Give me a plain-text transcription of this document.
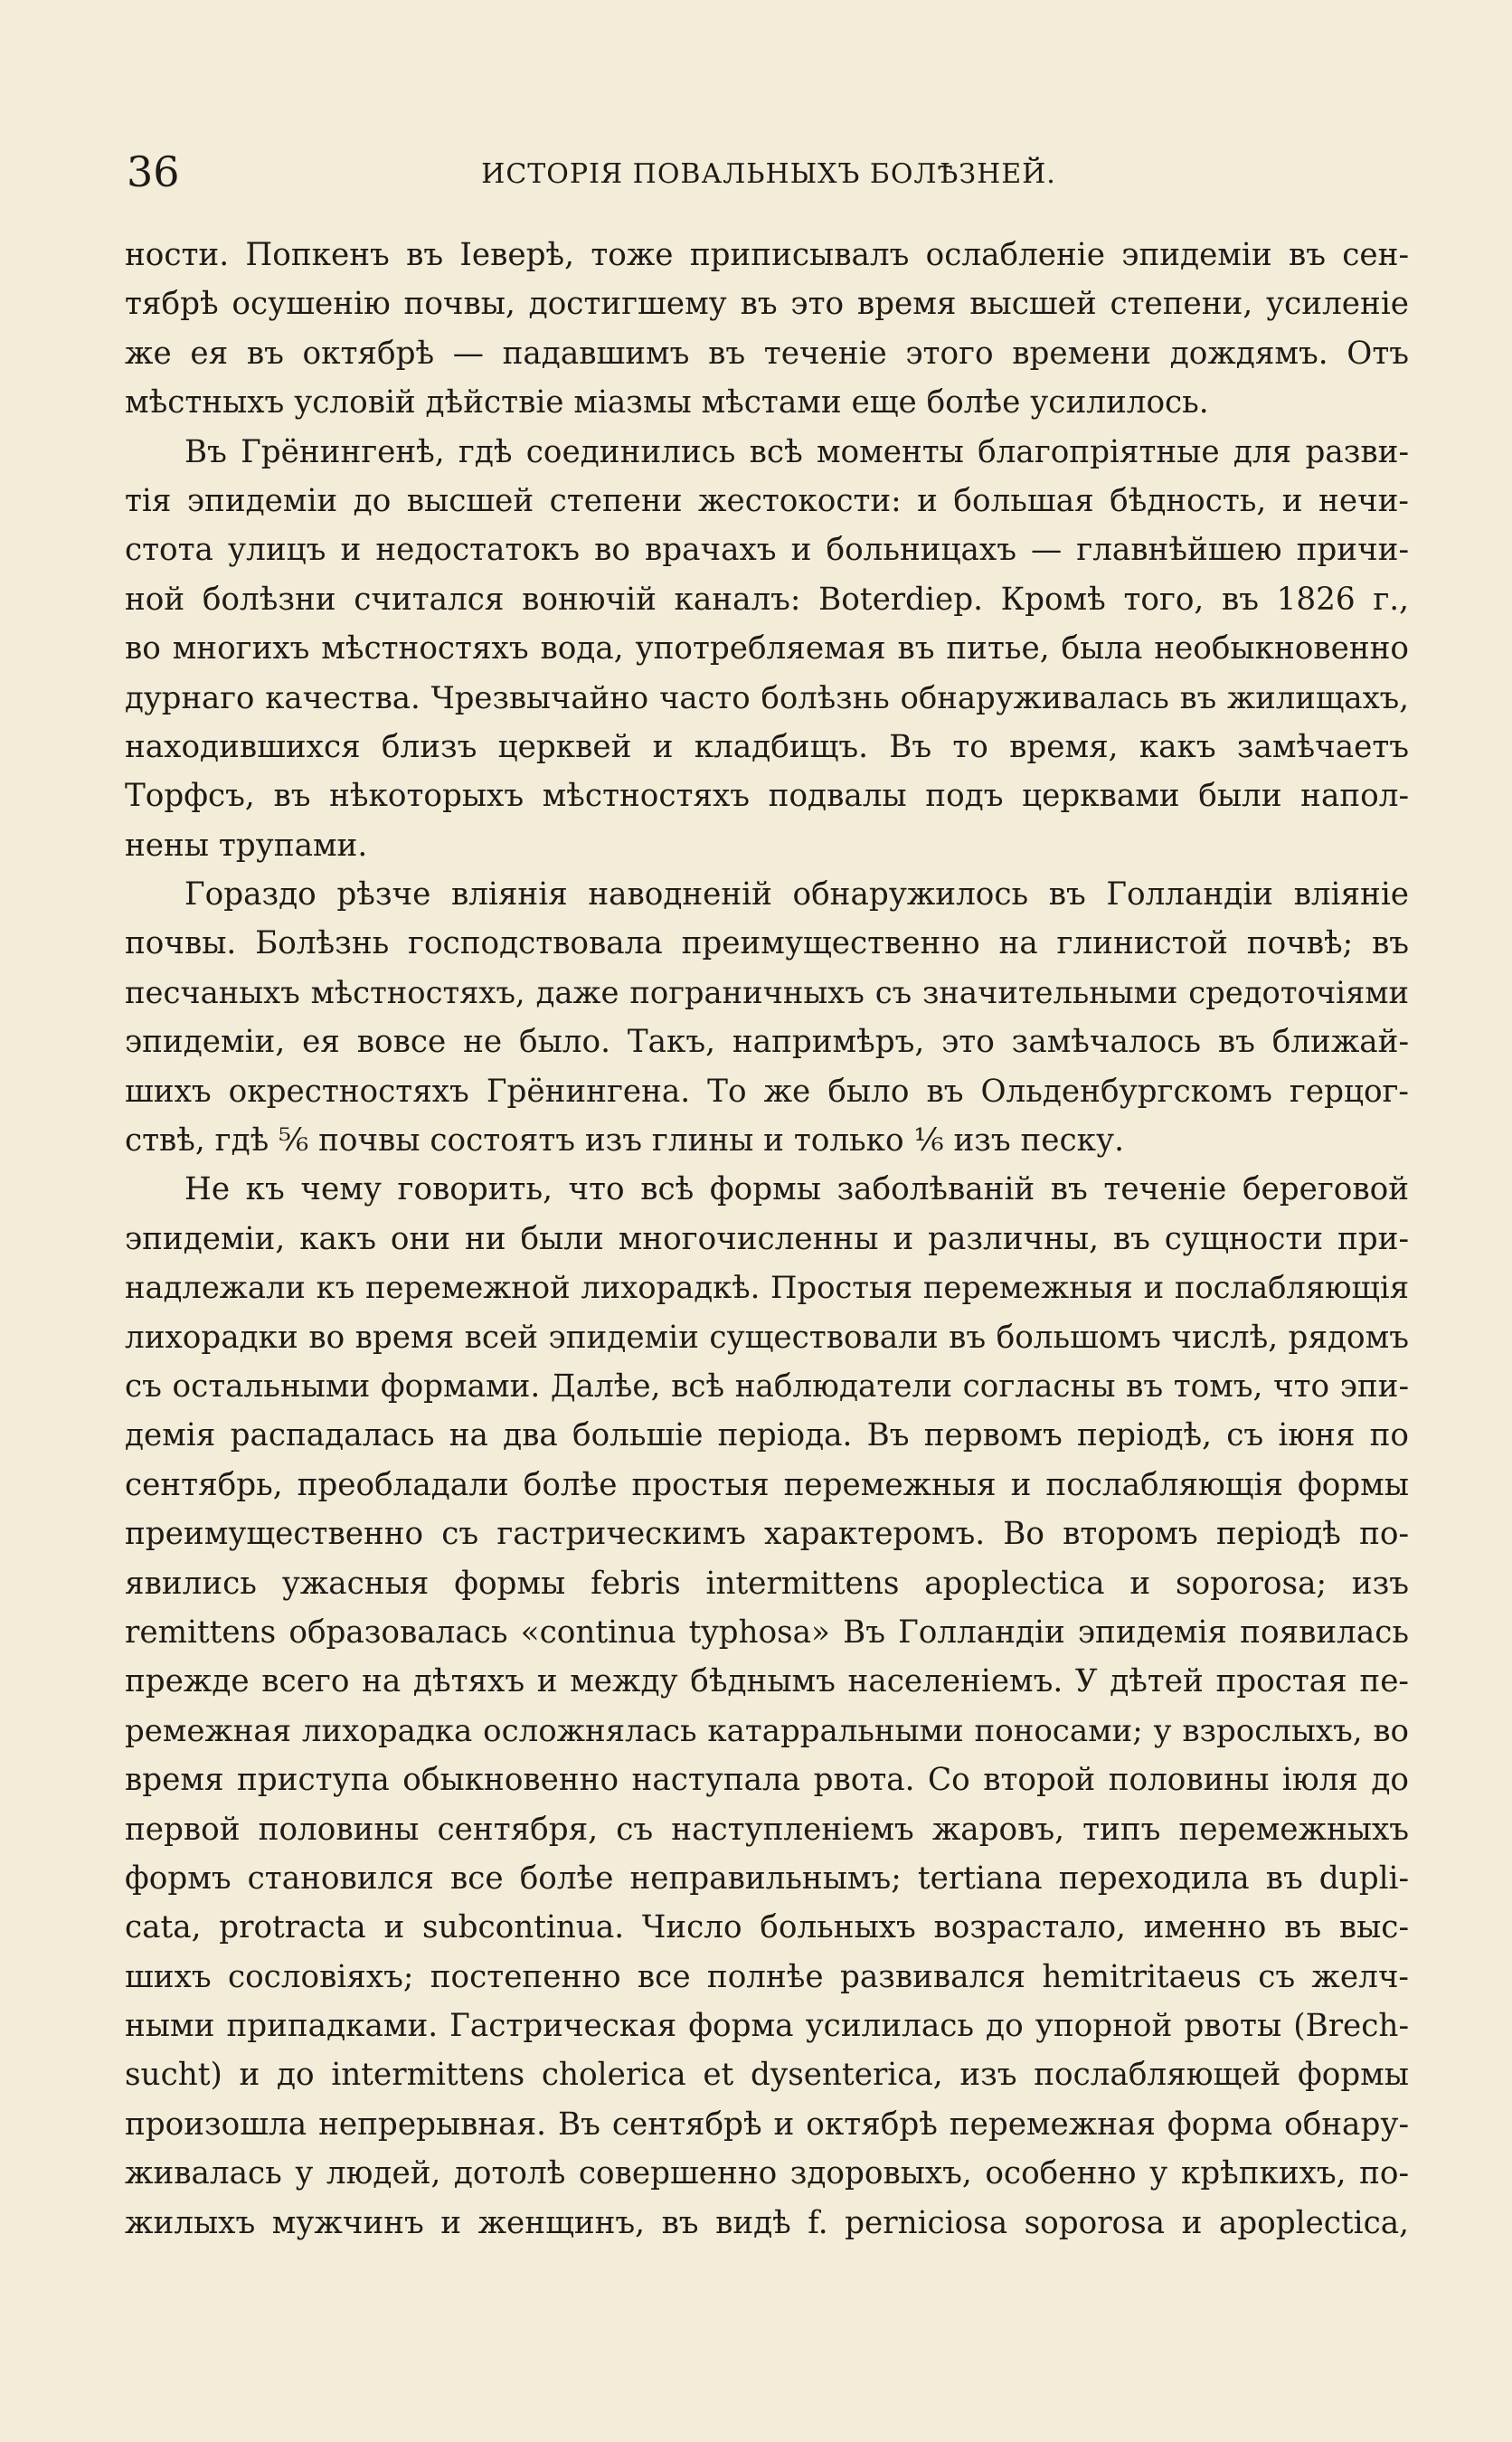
36	ИСТОРІЯ ПОВАЛЬНЫХЪ БОЛѢЗНЕЙ.
ности. Попкенъ въ Іеверѣ, тоже приписывалъ ослабленіе эпидеміи въ сен-
тябрѣ осушенію почвы, достигшему въ это время высшей степени, усиленіе
же ея въ октябрѣ — падавшимъ въ теченіе этого времени дождямъ. Отъ
мѣстныхъ условій дѣйствіе міазмы мѣстами еще болѣе усилилось.
Въ Грёнингенѣ, гдѣ соединились всѣ моменты благопріятные для разви-
тія эпидеміи до высшей степени жестокости: и большая бѣдность, и нечи-
стота улицъ и недостатокъ во врачахъ и больницахъ — главнѣйшею причи-
ной болѣзни считался вонючій каналъ: Boterdiep. Кромѣ того, въ 1826 г.,
во многихъ мѣстностяхъ вода, употребляемая въ питье, была необыкновенно
дурнаго качества. Чрезвычайно часто болѣзнь обнаруживалась въ жилищахъ,
находившихся близъ церквей и кладбищъ. Въ то время, какъ замѣчаетъ
Торфсъ, въ нѣкоторыхъ мѣстностяхъ подвалы подъ церквами были напол-
нены трупами.
Гораздо рѣзче вліянія наводненій обнаружилось въ Голландіи вліяніе
почвы. Болѣзнь господствовала преимущественно на глинистой почвѣ; въ
песчаныхъ мѣстностяхъ, даже пограничныхъ съ значительными средоточіями
эпидеміи, ея вовсе не было. Такъ, напримѣръ, это замѣчалось въ ближай-
шихъ окрестностяхъ Грёнингена. То же было въ Ольденбургскомъ герцог-
ствѣ, гдѣ ⁵⁄₆ почвы состоятъ изъ глины и только ¹⁄₆ изъ песку.
Не къ чему говорить, что всѣ формы заболѣваній въ теченіе береговой
эпидеміи, какъ они ни были многочисленны и различны, въ сущности при-
надлежали къ перемежной лихорадкѣ. Простыя перемежныя и послабляющія
лихорадки во время всей эпидеміи существовали въ большомъ числѣ, рядомъ
съ остальными формами. Далѣе, всѣ наблюдатели согласны въ томъ, что эпи-
демія распадалась на два большіе періода. Въ первомъ періодѣ, съ іюня по
сентябрь, преобладали болѣе простыя перемежныя и послабляющія формы
преимущественно съ гастрическимъ характеромъ. Во второмъ періодѣ по-
явились ужасныя формы febris intermittens apoplectica и soporosa; изъ
remittens образовалась «continua typhosa» Въ Голландіи эпидемія появилась
прежде всего на дѣтяхъ и между бѣднымъ населеніемъ. У дѣтей простая пе-
ремежная лихорадка осложнялась катарральными поносами; у взрослыхъ, во
время приступа обыкновенно наступала рвота. Со второй половины іюля до
первой половины сентября, съ наступленіемъ жаровъ, типъ перемежныхъ
формъ становился все болѣе неправильнымъ; tertiana переходила въ dupli-
cata, protracta и subcontinua. Число больныхъ возрастало, именно въ выс-
шихъ сословіяхъ; постепенно все полнѣе развивался hemitritaeus съ желч-
ными припадками. Гастрическая форма усилилась до упорной рвоты (Brech-
sucht) и до intermittens cholerica et dysenterica, изъ послабляющей формы
произошла непрерывная. Въ сентябрѣ и октябрѣ перемежная форма обнару-
живалась у людей, дотолѣ совершенно здоровыхъ, особенно у крѣпкихъ, по-
жилыхъ мужчинъ и женщинъ, въ видѣ f. perniciosa soporosa и apoplectica,
